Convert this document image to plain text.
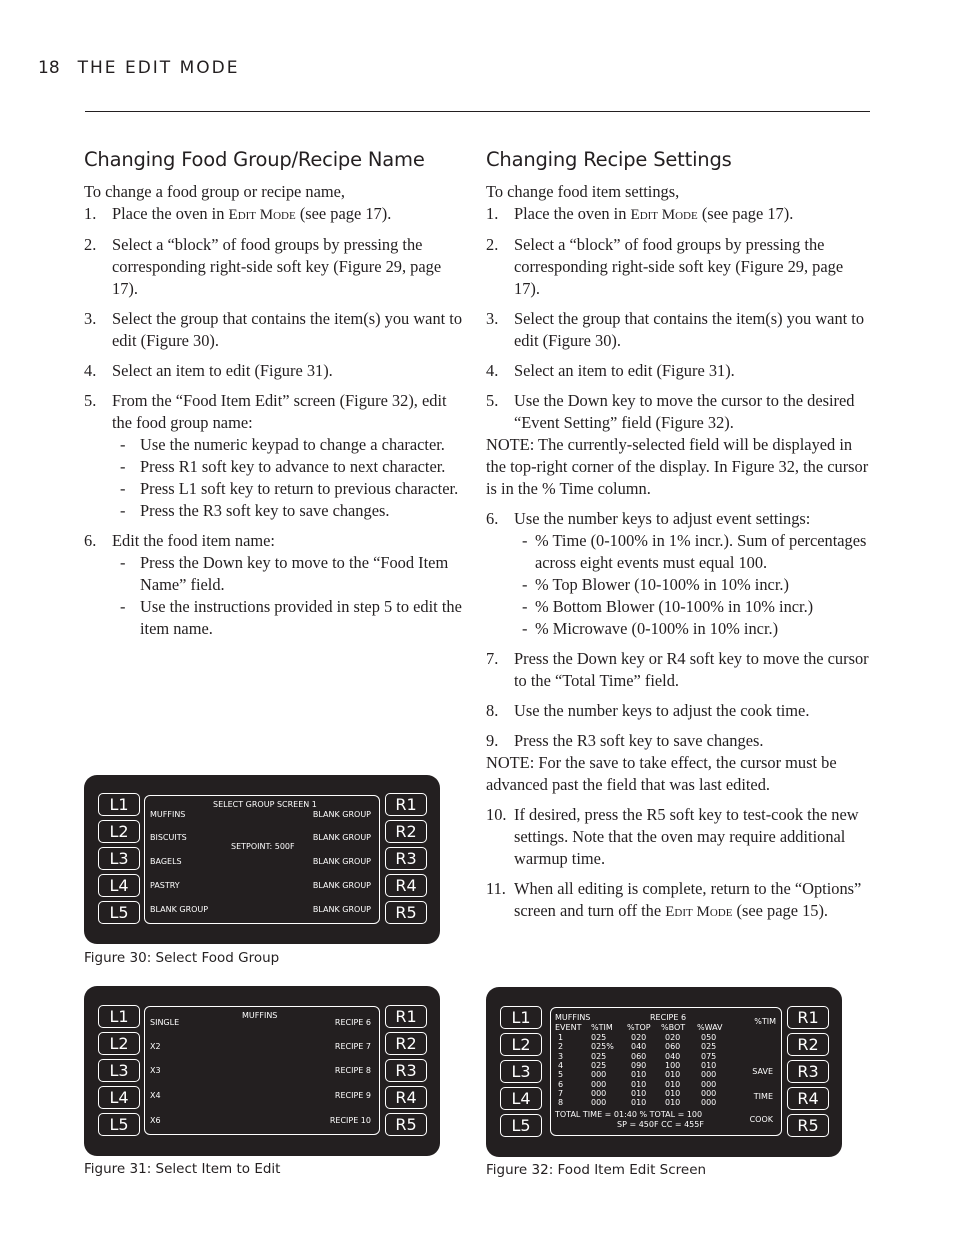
18 THE EDIT MODE
Changing Food Group/Recipe Name

To change a food group or recipe name,

1. Place the oven in Edit Mode (see page 17).
2. Select a “block” of food groups by pressing the corresponding right-side soft key (Figure 29, page 17).
3. Select the group that contains the item(s) you want to edit (Figure 30).
4. Select an item to edit (Figure 31).
5. From the “Food Item Edit” screen (Figure 32), edit the food group name:
- Use the numeric keypad to change a character.
- Press R1 soft key to advance to next character.
- Press L1 soft key to return to previous character.
- Press the R3 soft key to save changes.
6. Edit the food item name:
- Press the Down key to move to the “Food Item Name” field.
- Use the instructions provided in step 5 to edit the item name.
Changing Recipe Settings

To change food item settings,

1. Place the oven in Edit Mode (see page 17).
2. Select a “block” of food groups by pressing the corresponding right-side soft key (Figure 29, page 17).
3. Select the group that contains the item(s) you want to edit (Figure 30).
4. Select an item to edit (Figure 31).
5. Use the Down key to move the cursor to the desired “Event Setting” field (Figure 32).

NOTE: The currently-selected field will be displayed in the top-right corner of the display. In Figure 32, the cursor is in the % Time column.

6. Use the number keys to adjust event settings:
- % Time (0-100% in 1% incr.). Sum of percentages across eight events must equal 100.
- % Top Blower (10-100% in 10% incr.)
- % Bottom Blower (10-100% in 10% incr.)
- % Microwave (0-100% in 10% incr.)
7. Press the Down key or R4 soft key to move the cursor to the “Total Time” field.
8. Use the number keys to adjust the cook time.
9. Press the R3 soft key to save changes.

NOTE: For the save to take effect, the cursor must be advanced past the field that was last edited.

10. If desired, press the R5 soft key to test-cook the new settings. Note that the oven may require additional warmup time.
11. When all editing is complete, return to the “Options” screen and turn off the Edit Mode (see page 15).
L1
L2
L3
L4
L5
R1
R2
R3
R4
R5
SELECT GROUP SCREEN 1
MUFFINS
BISCUITS
BAGELS
PASTRY
BLANK GROUP
BLANK GROUP
BLANK GROUP
BLANK GROUP
BLANK GROUP
BLANK GROUP
SETPOINT: 500F
Figure 30: Select Food Group
L1
L2
L3
L4
L5
R1
R2
R3
R4
R5
MUFFINS
SINGLE
X2
X3
X4
X6
RECIPE 6
RECIPE 7
RECIPE 8
RECIPE 9
RECIPE 10
Figure 31: Select Item to Edit
L1
L2
L3
L4
L5
R1
R2
R3
R4
R5
MUFFINS	RECIPE 6	%TIM
EVENT %TIM %TOP %BOT %WAV
1	025	020 020	050
2	025% 040 060	025
3	025	060 040	075
4	025	090 100	010
5	000	010 010	000
6	000	010 010	000
7	000	010 010	000
8	000	010 010	000
TOTAL TIME = 01:40 % TOTAL = 100
SP = 450F CC = 455F
SAVE
TIME
COOK
Figure 32: Food Item Edit Screen
